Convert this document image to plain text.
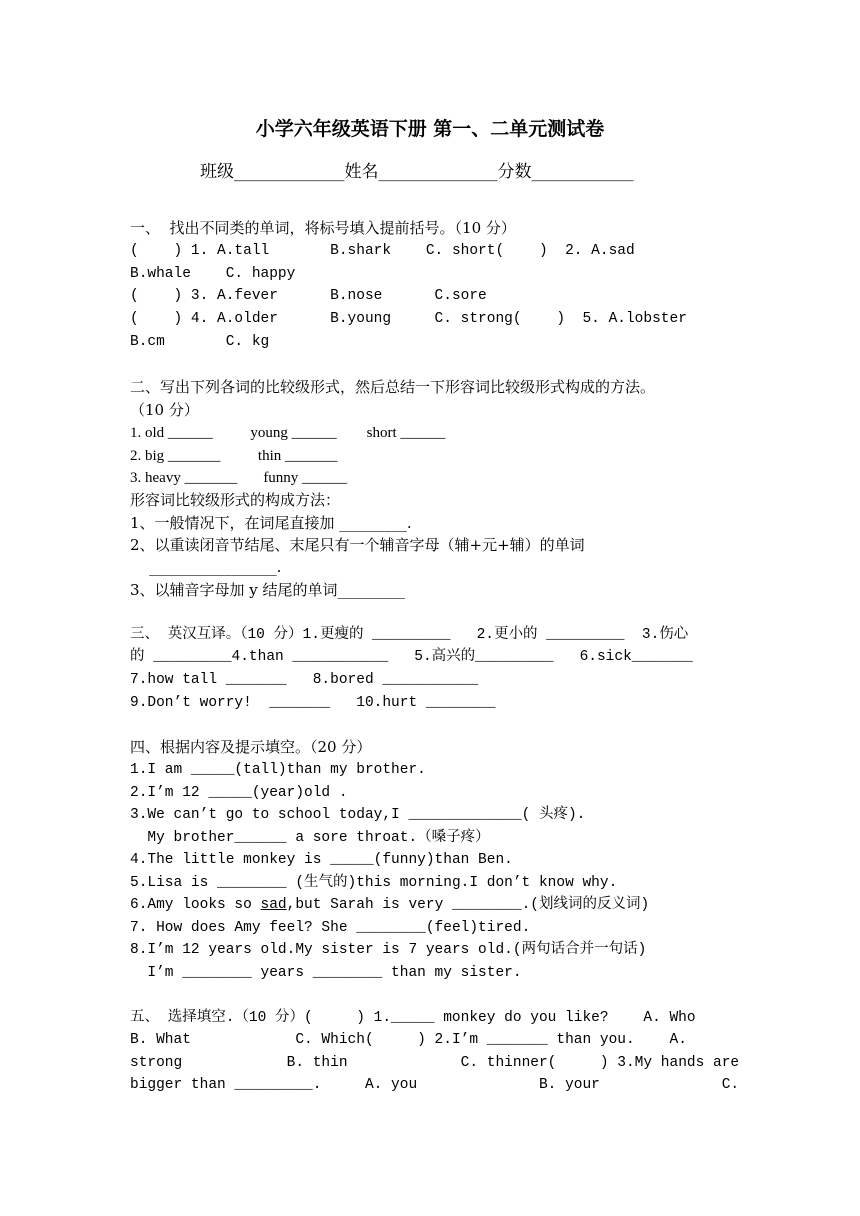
小学六年级英语下册 第一、二单元测试卷
班级_____________姓名______________分数____________
一、  找出不同类的单词，将标号填入提前括号。（10 分）
(    ) 1. A.tall       B.shark    C. short(    )  2. A.sad
B.whale    C. happy
(    ) 3. A.fever      B.nose      C.sore
(    ) 4. A.older      B.young     C. strong(    )  5. A.lobster
B.cm       C. kg
二、写出下列各词的比较级形式，然后总结一下形容词比较级形式构成的方法。
（10 分）
1. old ______          young ______        short ______
2. big _______          thin _______
3. heavy _______       funny ______
形容词比较级形式的构成方法：
1、一般情况下，在词尾直接加 _________.
2、以重读闭音节结尾、末尾只有一个辅音字母（辅+元+辅）的单词
_________________.
3、以辅音字母加 y 结尾的单词_________
三、 英汉互译。（10 分）1.更瘦的 _________   2.更小的 _________  3.伤心
的 _________4.than ___________   5.高兴的_________   6.sick_______
7.how tall _______   8.bored ___________
9.Don’t worry!  _______   10.hurt ________
四、根据内容及提示填空。（20 分）
1.I am _____(tall)than my brother.
2.I’m 12 _____(year)old .
3.We can’t go to school today,I _____________( 头疼).
My brother______ a sore throat.（嗓子疼）
4.The little monkey is _____(funny)than Ben.
5.Lisa is ________ (生气的)this morning.I don’t know why.
6.Amy looks so sad,but Sarah is very ________.(划线词的反义词)
7. How does Amy feel? She ________(feel)tired.
8.I’m 12 years old.My sister is 7 years old.(两句话合并一句话)
I’m ________ years ________ than my sister.
五、 选择填空.（10 分）(     ) 1._____ monkey do you like?    A. Who
B. What            C. Which(     ) 2.I’m _______ than you.    A.
strong            B. thin             C. thinner(     ) 3.My hands are
bigger than _________.     A. you              B. your              C.
